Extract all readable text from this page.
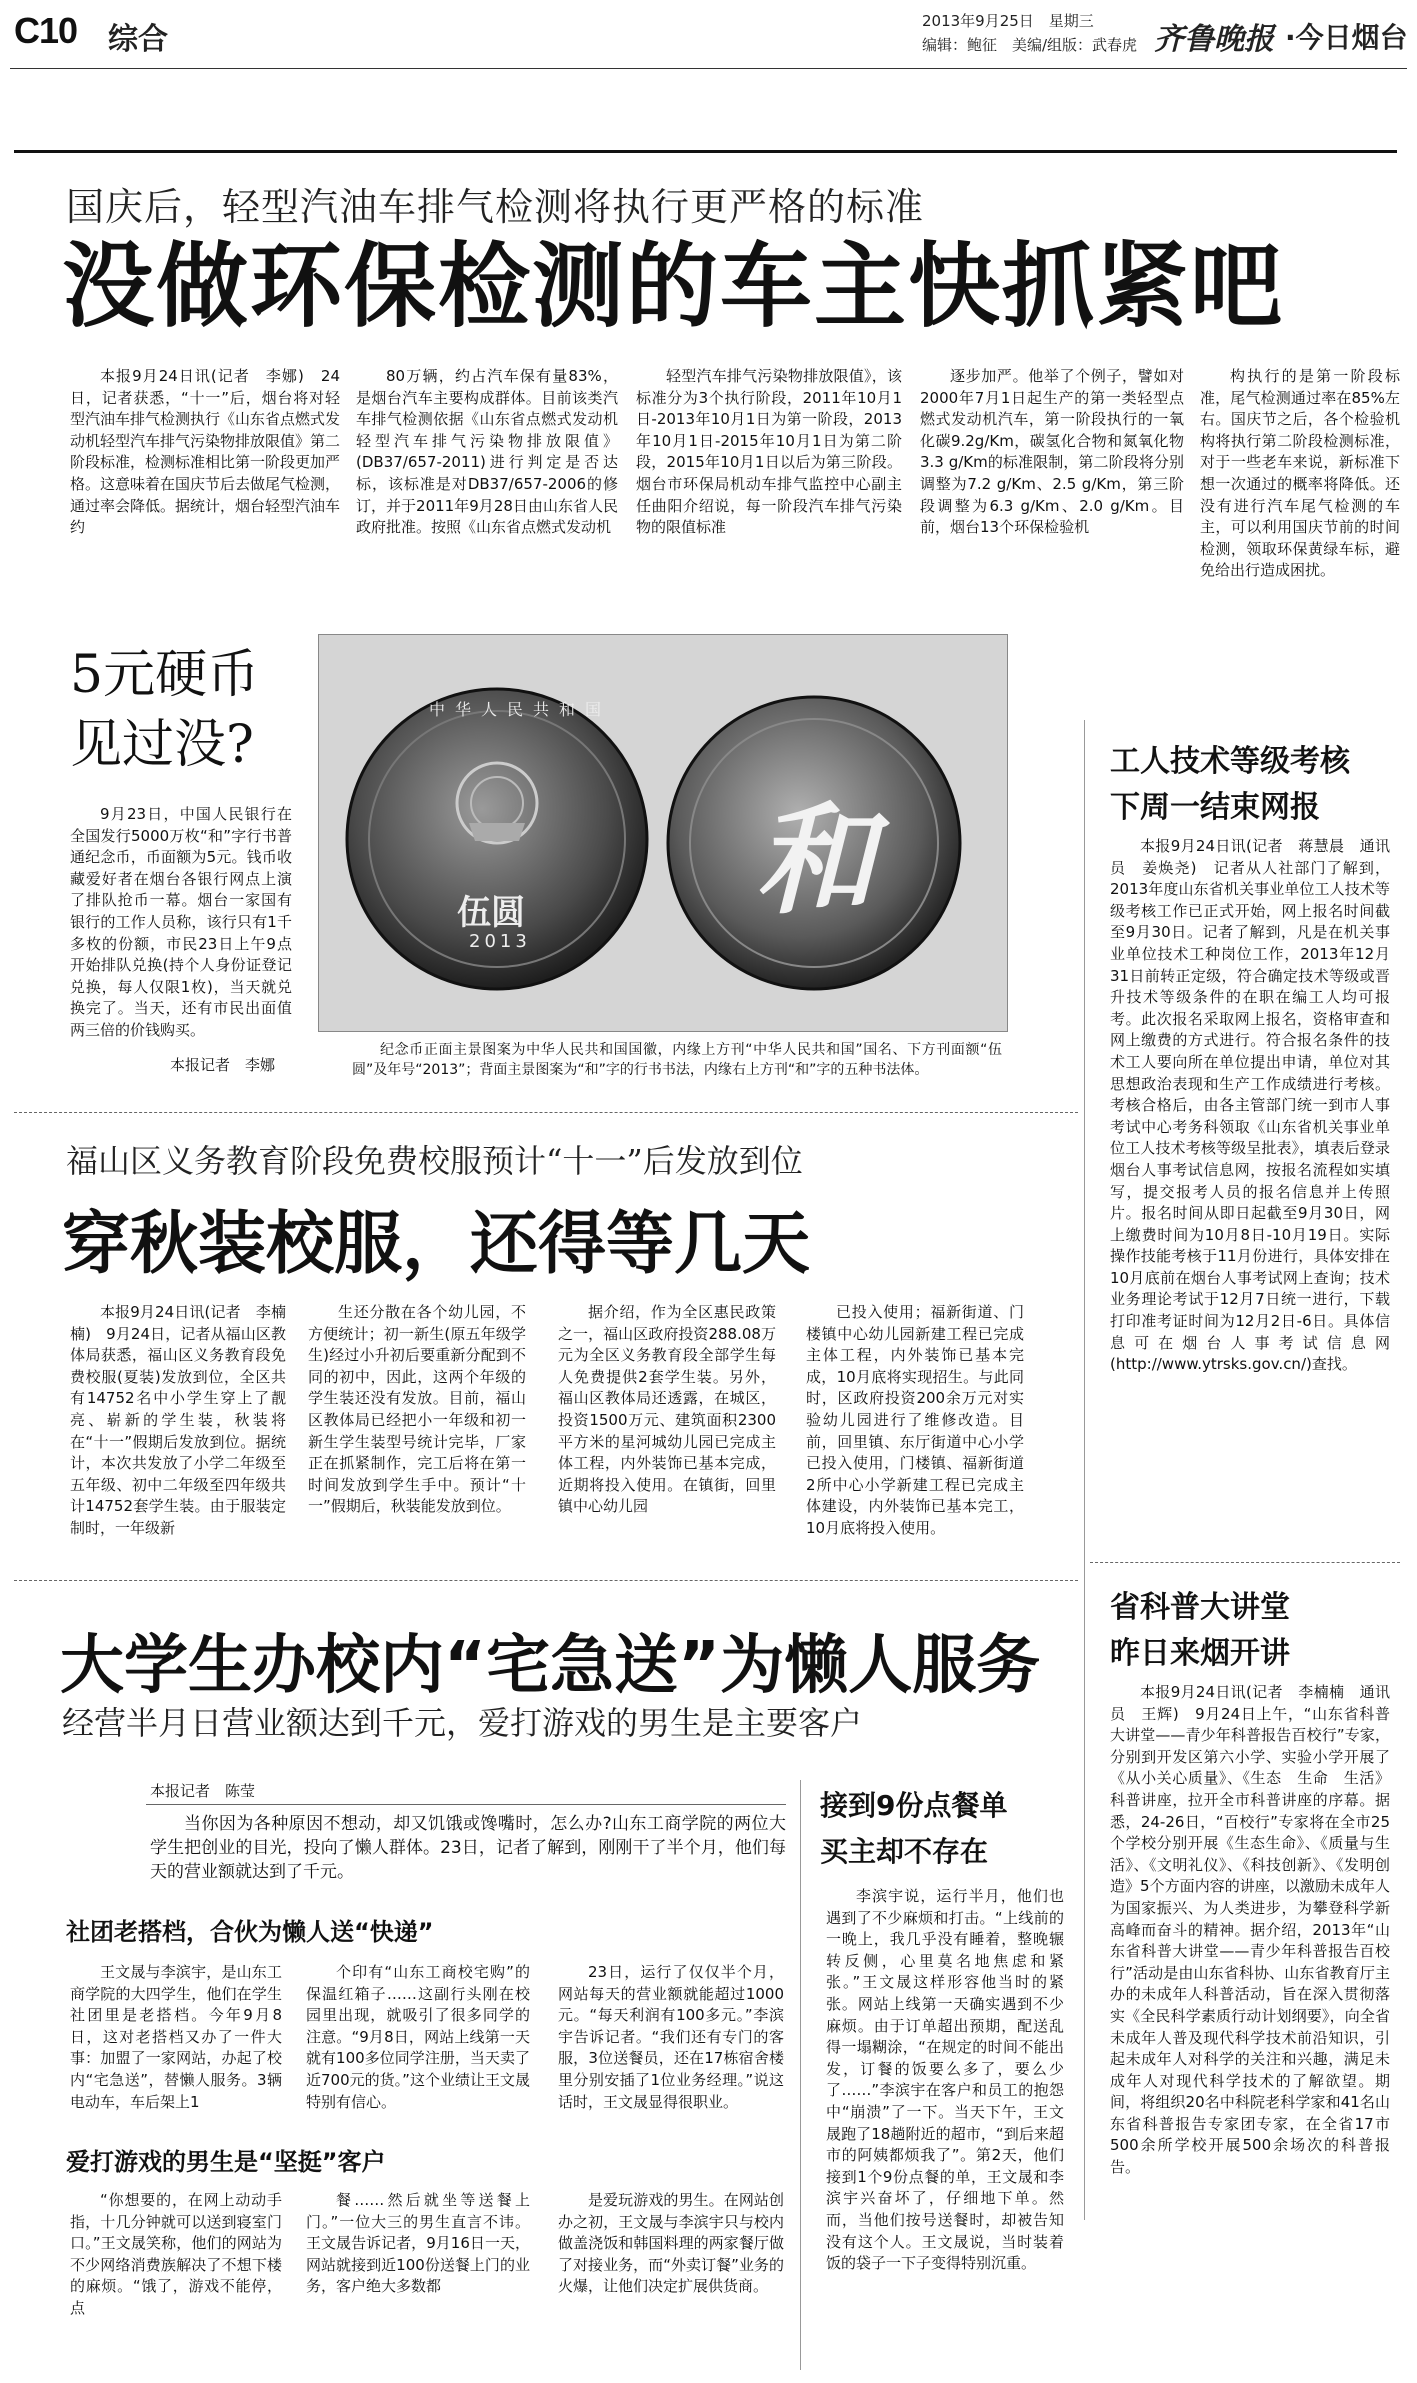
C10 综合
2013年9月25日　星期三
编辑：鲍征　美编/组版：武春虎 齐鲁晚报 ·今日烟台
国庆后，轻型汽油车排气检测将执行更严格的标准
没做环保检测的车主快抓紧吧
本报9月24日讯(记者　李娜)　24日，记者获悉，“十一”后，烟台将对轻型汽油车排气检测执行《山东省点燃式发动机轻型汽车排气污染物排放限值》第二阶段标准，检测标准相比第一阶段更加严格。这意味着在国庆节后去做尾气检测，通过率会降低。据统计，烟台轻型汽油车约
80万辆，约占汽车保有量83%，是烟台汽车主要构成群体。目前该类汽车排气检测依据《山东省点燃式发动机轻型汽车排气污染物排放限值》(DB37/657-2011)进行判定是否达标，该标准是对DB37/657-2006的修订，并于2011年9月28日由山东省人民政府批准。按照《山东省点燃式发动机
轻型汽车排气污染物排放限值》，该标准分为3个执行阶段，2011年10月1日-2013年10月1日为第一阶段，2013年10月1日-2015年10月1日为第二阶段，2015年10月1日以后为第三阶段。烟台市环保局机动车排气监控中心副主任曲阳介绍说，每一阶段汽车排气污染物的限值标准
逐步加严。他举了个例子，譬如对2000年7月1日起生产的第一类轻型点燃式发动机汽车，第一阶段执行的一氧化碳9.2g/Km，碳氢化合物和氮氧化物3.3 g/Km的标准限制，第二阶段将分别调整为7.2 g/Km、2.5 g/Km，第三阶段调整为6.3 g/Km、2.0 g/Km。目前，烟台13个环保检验机
构执行的是第一阶段标准，尾气检测通过率在85%左右。国庆节之后，各个检验机构将执行第二阶段检测标准，对于一些老车来说，新标准下想一次通过的概率将降低。还没有进行汽车尾气检测的车主，可以利用国庆节前的时间检测，领取环保黄绿车标，避免给出行造成困扰。
5元硬币
见过没?
9月23日，中国人民银行在全国发行5000万枚“和”字行书普通纪念币，币面额为5元。钱币收藏爱好者在烟台各银行网点上演了排队抢币一幕。烟台一家国有银行的工作人员称，该行只有1千多枚的份额，市民23日上午9点开始排队兑换(持个人身份证登记兑换，每人仅限1枚)，当天就兑换完了。当天，还有市民出面值两三倍的价钱购买。
本报记者　李娜
中华人民共和国
伍圆
2013
和
纪念币正面主景图案为中华人民共和国国徽，内缘上方刊“中华人民共和国”国名、下方刊面额“伍圆”及年号“2013”；背面主景图案为“和”字的行书书法，内缘右上方刊“和”字的五种书法体。
工人技术等级考核
下周一结束网报
本报9月24日讯(记者　蒋慧晨　通讯员　姜焕尧)　记者从人社部门了解到，2013年度山东省机关事业单位工人技术等级考核工作已正式开始，网上报名时间截至9月30日。记者了解到，凡是在机关事业单位技术工种岗位工作，2013年12月31日前转正定级，符合确定技术等级或晋升技术等级条件的在职在编工人均可报考。此次报名采取网上报名，资格审查和网上缴费的方式进行。符合报名条件的技术工人要向所在单位提出申请，单位对其思想政治表现和生产工作成绩进行考核。考核合格后，由各主管部门统一到市人事考试中心考务科领取《山东省机关事业单位工人技术考核等级呈批表》，填表后登录烟台人事考试信息网，按报名流程如实填写，提交报考人员的报名信息并上传照片。报名时间从即日起截至9月30日，网上缴费时间为10月8日-10月19日。实际操作技能考核于11月份进行，具体安排在10月底前在烟台人事考试网上查询；技术业务理论考试于12月7日统一进行，下载打印准考证时间为12月2日-6日。具体信息可在烟台人事考试信息网(http://www.ytrsks.gov.cn/)查找。
福山区义务教育阶段免费校服预计“十一”后发放到位
穿秋装校服，还得等几天
本报9月24日讯(记者　李楠楠)　9月24日，记者从福山区教体局获悉，福山区义务教育段免费校服(夏装)发放到位，全区共有14752名中小学生穿上了靓亮、崭新的学生装，秋装将在“十一”假期后发放到位。据统计，本次共发放了小学二年级至五年级、初中二年级至四年级共计14752套学生装。由于服装定制时，一年级新
生还分散在各个幼儿园，不方便统计；初一新生(原五年级学生)经过小升初后要重新分配到不同的初中，因此，这两个年级的学生装还没有发放。目前，福山区教体局已经把小一年级和初一新生学生装型号统计完毕，厂家正在抓紧制作，完工后将在第一时间发放到学生手中。预计“十一”假期后，秋装能发放到位。
据介绍，作为全区惠民政策之一，福山区政府投资288.08万元为全区义务教育段全部学生每人免费提供2套学生装。另外，福山区教体局还透露，在城区，投资1500万元、建筑面积2300平方米的星河城幼儿园已完成主体工程，内外装饰已基本完成，近期将投入使用。在镇街，回里镇中心幼儿园
已投入使用；福新街道、门楼镇中心幼儿园新建工程已完成主体工程，内外装饰已基本完成，10月底将实现招生。与此同时，区政府投资200余万元对实验幼儿园进行了维修改造。目前，回里镇、东厅街道中心小学已投入使用，门楼镇、福新街道2所中心小学新建工程已完成主体建设，内外装饰已基本完工，10月底将投入使用。
省科普大讲堂
昨日来烟开讲
本报9月24日讯(记者　李楠楠　通讯员　王辉)　9月24日上午，“山东省科普大讲堂——青少年科普报告百校行”专家，分别到开发区第六小学、实验小学开展了《从小关心质量》、《生态　生命　生活》科普讲座，拉开全市科普讲座的序幕。据悉，24-26日，“百校行”专家将在全市25个学校分别开展《生态生命》、《质量与生活》、《文明礼仪》、《科技创新》、《发明创造》5个方面内容的讲座，以激励未成年人为国家振兴、为人类进步，为攀登科学新高峰而奋斗的精神。据介绍，2013年“山东省科普大讲堂——青少年科普报告百校行”活动是由山东省科协、山东省教育厅主办的未成年人科普活动，旨在深入贯彻落实《全民科学素质行动计划纲要》，向全省未成年人普及现代科学技术前沿知识，引起未成年人对科学的关注和兴趣，满足未成年人对现代科学技术的了解欲望。期间，将组织20名中科院老科学家和41名山东省科普报告专家团专家，在全省17市500余所学校开展500余场次的科普报告。
大学生办校内“宅急送”为懒人服务
经营半月日营业额达到千元，爱打游戏的男生是主要客户
本报记者　陈莹
当你因为各种原因不想动，却又饥饿或馋嘴时，怎么办?山东工商学院的两位大学生把创业的目光，投向了懒人群体。23日，记者了解到，刚刚干了半个月，他们每天的营业额就达到了千元。
社团老搭档，合伙为懒人送“快递”
王文晟与李滨宇，是山东工商学院的大四学生，他们在学生社团里是老搭档。今年9月8日，这对老搭档又办了一件大事：加盟了一家网站，办起了校内“宅急送”，替懒人服务。3辆电动车，车后架上1
个印有“山东工商校宅购”的保温红箱子……这副行头刚在校园里出现，就吸引了很多同学的注意。“9月8日，网站上线第一天就有100多位同学注册，当天卖了近700元的货。”这个业绩让王文晟特别有信心。
23日，运行了仅仅半个月，网站每天的营业额就能超过1000元。“每天利润有100多元。”李滨宇告诉记者。“我们还有专门的客服，3位送餐员，还在17栋宿舍楼里分别安插了1位业务经理。”说这话时，王文晟显得很职业。
爱打游戏的男生是“坚挺”客户
“你想要的，在网上动动手指，十几分钟就可以送到寝室门口。”王文晟笑称，他们的网站为不少网络消费族解决了不想下楼的麻烦。“饿了，游戏不能停，点
餐……然后就坐等送餐上门。”一位大三的男生直言不讳。王文晟告诉记者，9月16日一天，网站就接到近100份送餐上门的业务，客户绝大多数都
是爱玩游戏的男生。在网站创办之初，王文晟与李滨宇只与校内做盖浇饭和韩国料理的两家餐厅做了对接业务，而“外卖订餐”业务的火爆，让他们决定扩展供货商。
接到9份点餐单
买主却不存在
李滨宇说，运行半月，他们也遇到了不少麻烦和打击。“上线前的一晚上，我几乎没有睡着，整晚辗转反侧，心里莫名地焦虑和紧张。”王文晟这样形容他当时的紧张。网站上线第一天确实遇到不少麻烦。由于订单超出预期，配送乱得一塌糊涂，“在规定的时间不能出发，订餐的饭要么多了，要么少了……”李滨宇在客户和员工的抱怨中“崩溃”了一下。当天下午，王文晟跑了18趟附近的超市，“到后来超市的阿姨都烦我了”。第2天，他们接到1个9份点餐的单，王文晟和李滨宇兴奋坏了，仔细地下单。然而，当他们按号送餐时，却被告知没有这个人。王文晟说，当时装着饭的袋子一下子变得特别沉重。
